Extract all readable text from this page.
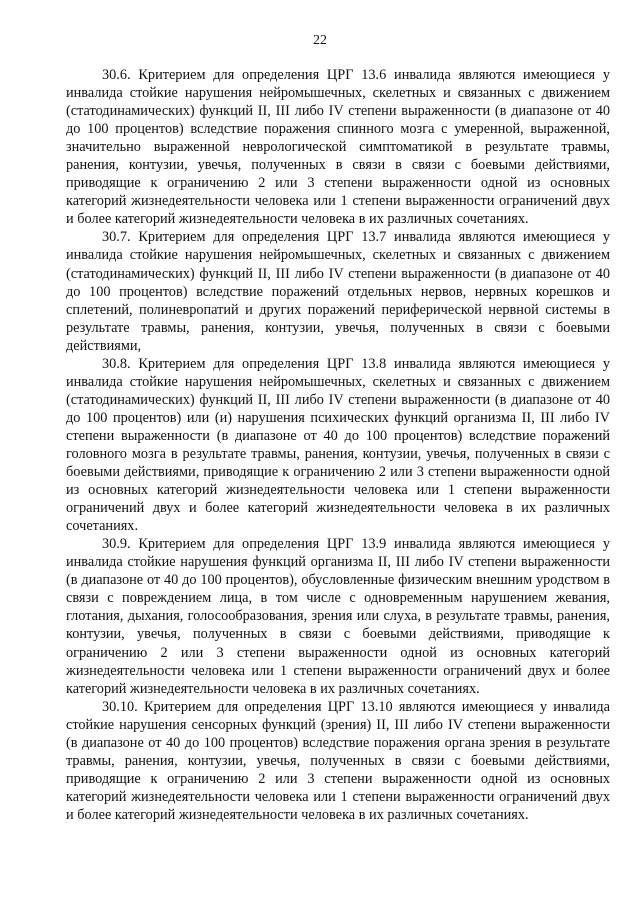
22

30.6. Критерием для определения ЦРГ 13.6 инвалида являются имеющиеся у инвалида стойкие нарушения нейромышечных, скелетных и связанных с движением (статодинамических) функций II, III либо IV степени выраженности (в диапазоне от 40 до 100 процентов) вследствие поражения спинного мозга с умеренной, выраженной, значительно выраженной неврологической симптоматикой в результате травмы, ранения, контузии, увечья, полученных в связи в связи с боевыми действиями, приводящие к ограничению 2 или 3 степени выраженности одной из основных категорий жизнедеятельности человека или 1 степени выраженности ограничений двух и более категорий жизнедеятельности человека в их различных сочетаниях.

30.7. Критерием для определения ЦРГ 13.7 инвалида являются имеющиеся у инвалида стойкие нарушения нейромышечных, скелетных и связанных с движением (статодинамических) функций II, III либо IV степени выраженности (в диапазоне от 40 до 100 процентов) вследствие поражений отдельных нервов, нервных корешков и сплетений, полиневропатий и других поражений периферической нервной системы в результате травмы, ранения, контузии, увечья, полученных в связи с боевыми действиями,

30.8. Критерием для определения ЦРГ 13.8 инвалида являются имеющиеся у инвалида стойкие нарушения нейромышечных, скелетных и связанных с движением (статодинамических) функций II, III либо IV степени выраженности (в диапазоне от 40 до 100 процентов) или (и) нарушения психических функций организма II, III либо IV степени выраженности (в диапазоне от 40 до 100 процентов) вследствие поражений головного мозга в результате травмы, ранения, контузии, увечья, полученных в связи с боевыми действиями, приводящие к ограничению 2 или 3 степени выраженности одной из основных категорий жизнедеятельности человека или 1 степени выраженности ограничений двух и более категорий жизнедеятельности человека в их различных сочетаниях.

30.9. Критерием для определения ЦРГ 13.9 инвалида являются имеющиеся у инвалида стойкие нарушения функций организма II, III либо IV степени выраженности (в диапазоне от 40 до 100 процентов), обусловленные физическим внешним уродством в связи с повреждением лица, в том числе с одновременным нарушением жевания, глотания, дыхания, голосообразования, зрения или слуха, в результате травмы, ранения, контузии, увечья, полученных в связи с боевыми действиями, приводящие к ограничению 2 или 3 степени выраженности одной из основных категорий жизнедеятельности человека или 1 степени выраженности ограничений двух и более категорий жизнедеятельности человека в их различных сочетаниях.

30.10. Критерием для определения ЦРГ 13.10 являются имеющиеся у инвалида стойкие нарушения сенсорных функций (зрения) II, III либо IV степени выраженности (в диапазоне от 40 до 100 процентов) вследствие поражения органа зрения в результате травмы, ранения, контузии, увечья, полученных в связи с боевыми действиями, приводящие к ограничению 2 или 3 степени выраженности одной из основных категорий жизнедеятельности человека или 1 степени выраженности ограничений двух и более категорий жизнедеятельности человека в их различных сочетаниях.
